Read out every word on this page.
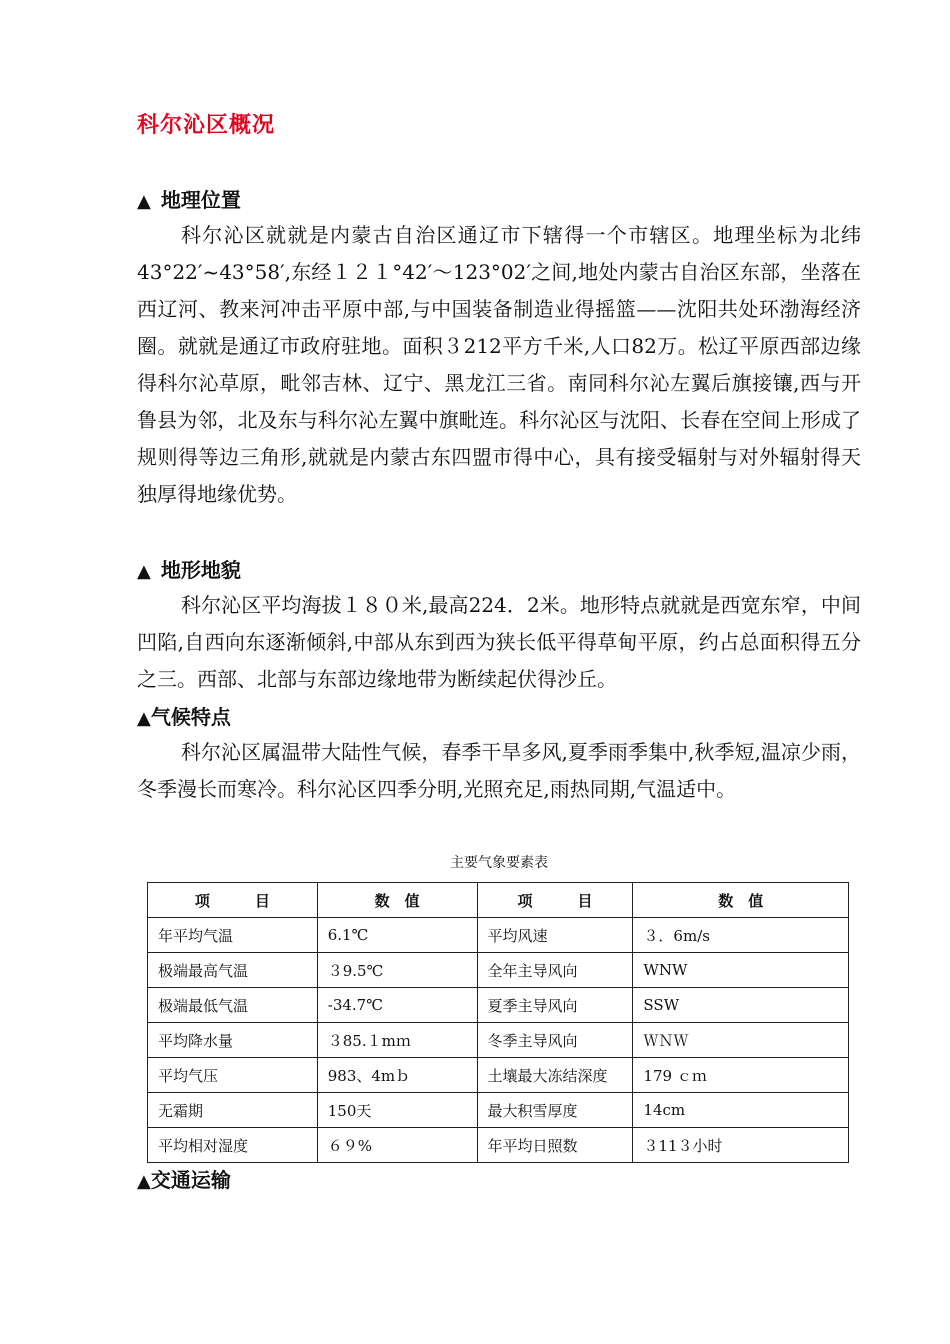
科尔沁区概况
▲ 地理位置

科尔沁区就就是内蒙古自治区通辽市下辖得一个市辖区。地理坐标为北纬43°22′~43°58′,东经１２１°42′～123°02′之间,地处内蒙古自治区东部，坐落在西辽河、教来河冲击平原中部,与中国装备制造业得摇篮——沈阳共处环渤海经济圈。就就是通辽市政府驻地。面积３212平方千米,人口82万。松辽平原西部边缘得科尔沁草原，毗邻吉林、辽宁、黑龙江三省。南同科尔沁左翼后旗接镶,西与开鲁县为邻，北及东与科尔沁左翼中旗毗连。科尔沁区与沈阳、长春在空间上形成了规则得等边三角形,就就是内蒙古东四盟市得中心，具有接受辐射与对外辐射得天独厚得地缘优势。

▲ 地形地貌

科尔沁区平均海拔１８０米,最高224．2米。地形特点就就是西宽东窄，中间凹陷,自西向东逐渐倾斜,中部从东到西为狭长低平得草甸平原，约占总面积得五分之三。西部、北部与东部边缘地带为断续起伏得沙丘。

▲气候特点

科尔沁区属温带大陆性气候，春季干旱多风,夏季雨季集中,秋季短,温凉少雨，冬季漫长而寒冷。科尔沁区四季分明,光照充足,雨热同期,气温适中。

主要气象要素表
项　　　目	数　值	项　　　目	数　值
年平均气温	6.1℃	平均风速	３．6m/s
极端最高气温	３9.5℃	全年主导风向	WNW
极端最低气温	-34.7℃	夏季主导风向	SSW
平均降水量	３85.１mｍ	冬季主导风向	ＷＮＷ
平均气压	983、4mｂ	土壤最大冻结深度	179 ｃｍ
无霜期	150天	最大积雪厚度	14cm
平均相对湿度	６９%	年平均日照数	３11３小时
▲交通运输
